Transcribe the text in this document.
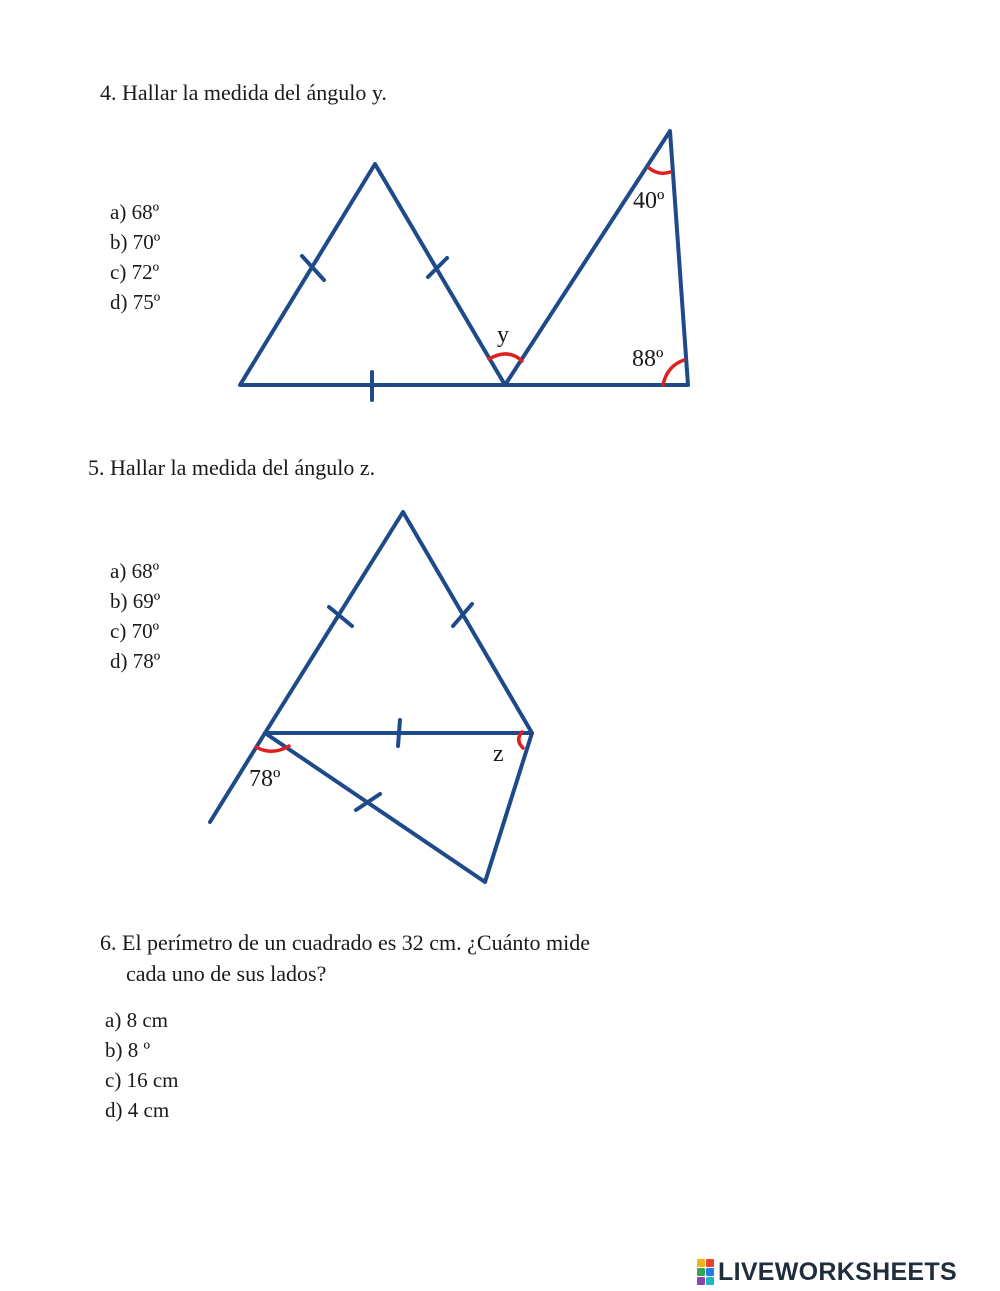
4. Hallar la medida del ángulo y.
a) 68º
b) 70º
c) 72º
d) 75º
5. Hallar la medida del ángulo z.
a) 68º
b) 69º
c) 70º
d) 78º
6. El perímetro de un cuadrado es 32 cm. ¿Cuánto mide
cada uno de sus lados?
a) 8 cm
b) 8 º
c) 16 cm
d) 4 cm
y
40º
88º
z
78º
LIVEWORKSHEETS
